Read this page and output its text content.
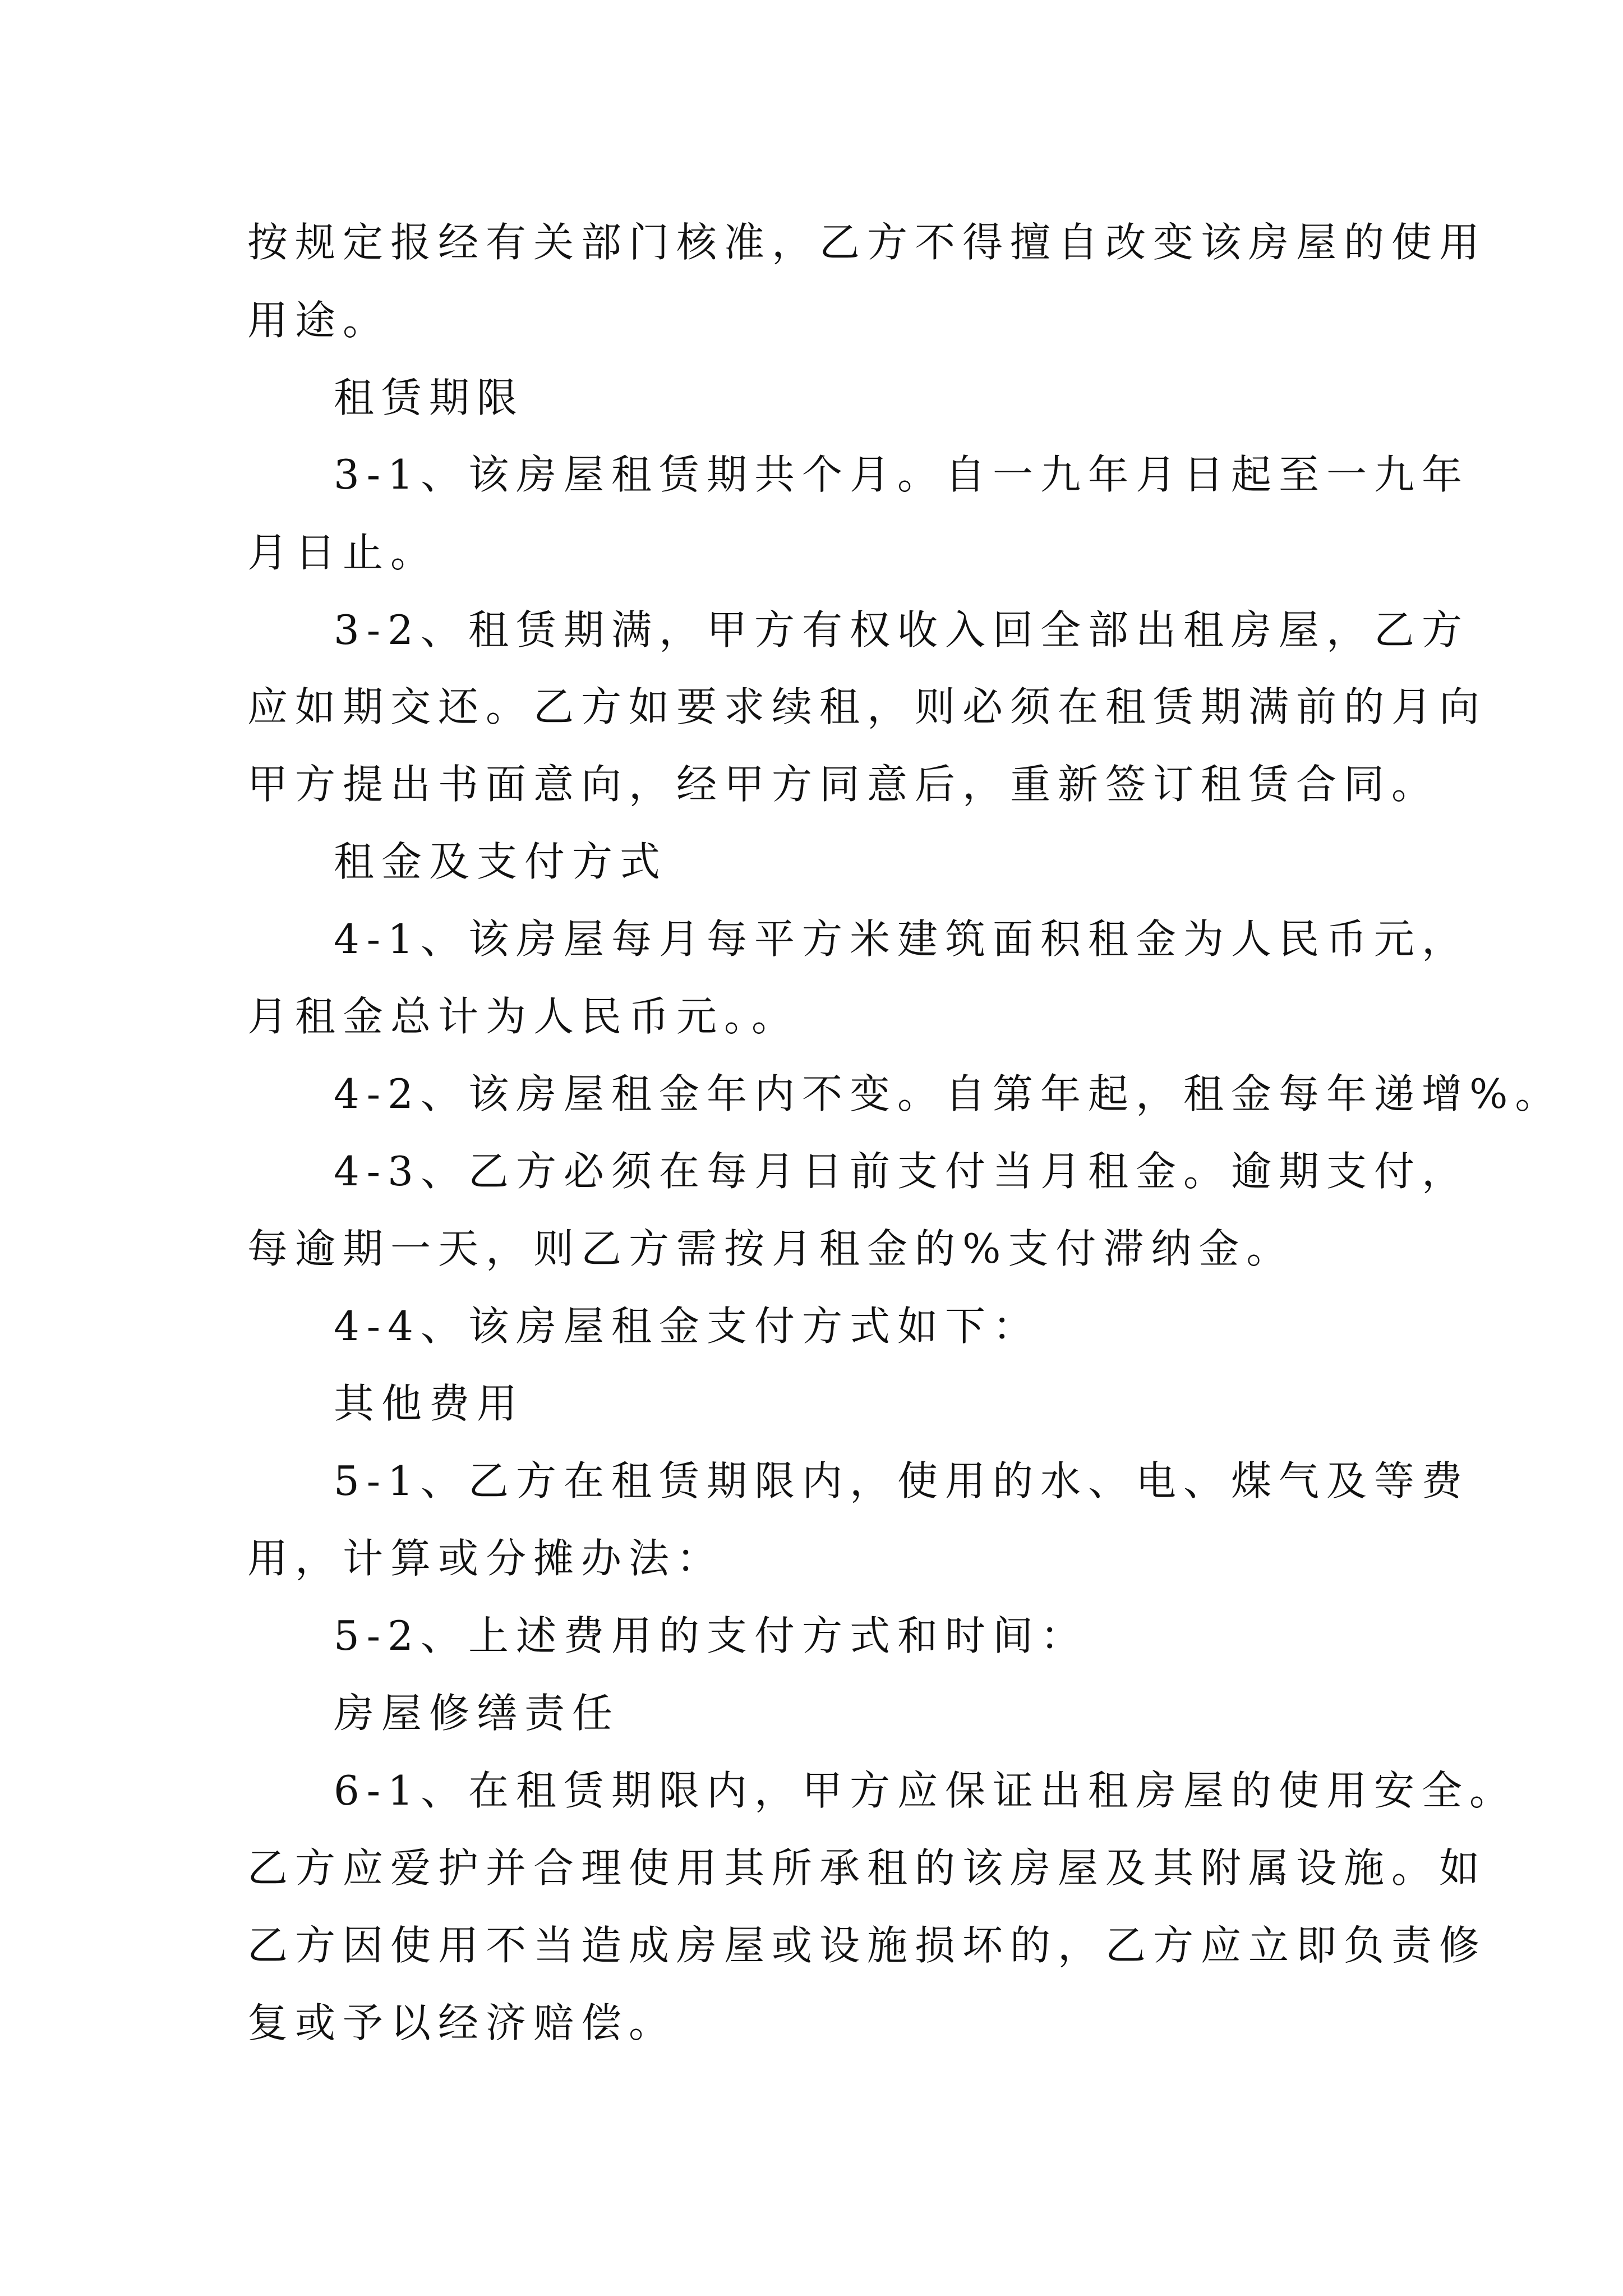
按规定报经有关部门核准，乙方不得擅自改变该房屋的使用
用途。
租赁期限
3-1、该房屋租赁期共个月。自一九年月日起至一九年
月日止。
3-2、租赁期满，甲方有权收入回全部出租房屋，乙方
应如期交还。乙方如要求续租，则必须在租赁期满前的月向
甲方提出书面意向，经甲方同意后，重新签订租赁合同。
租金及支付方式
4-1、该房屋每月每平方米建筑面积租金为人民币元，
月租金总计为人民币元。。
4-2、该房屋租金年内不变。自第年起，租金每年递增%。
4-3、乙方必须在每月日前支付当月租金。逾期支付，
每逾期一天，则乙方需按月租金的%支付滞纳金。
4-4、该房屋租金支付方式如下：
其他费用
5-1、乙方在租赁期限内，使用的水、电、煤气及等费
用，计算或分摊办法：
5-2、上述费用的支付方式和时间：
房屋修缮责任
6-1、在租赁期限内，甲方应保证出租房屋的使用安全。
乙方应爱护并合理使用其所承租的该房屋及其附属设施。如
乙方因使用不当造成房屋或设施损坏的，乙方应立即负责修
复或予以经济赔偿。
